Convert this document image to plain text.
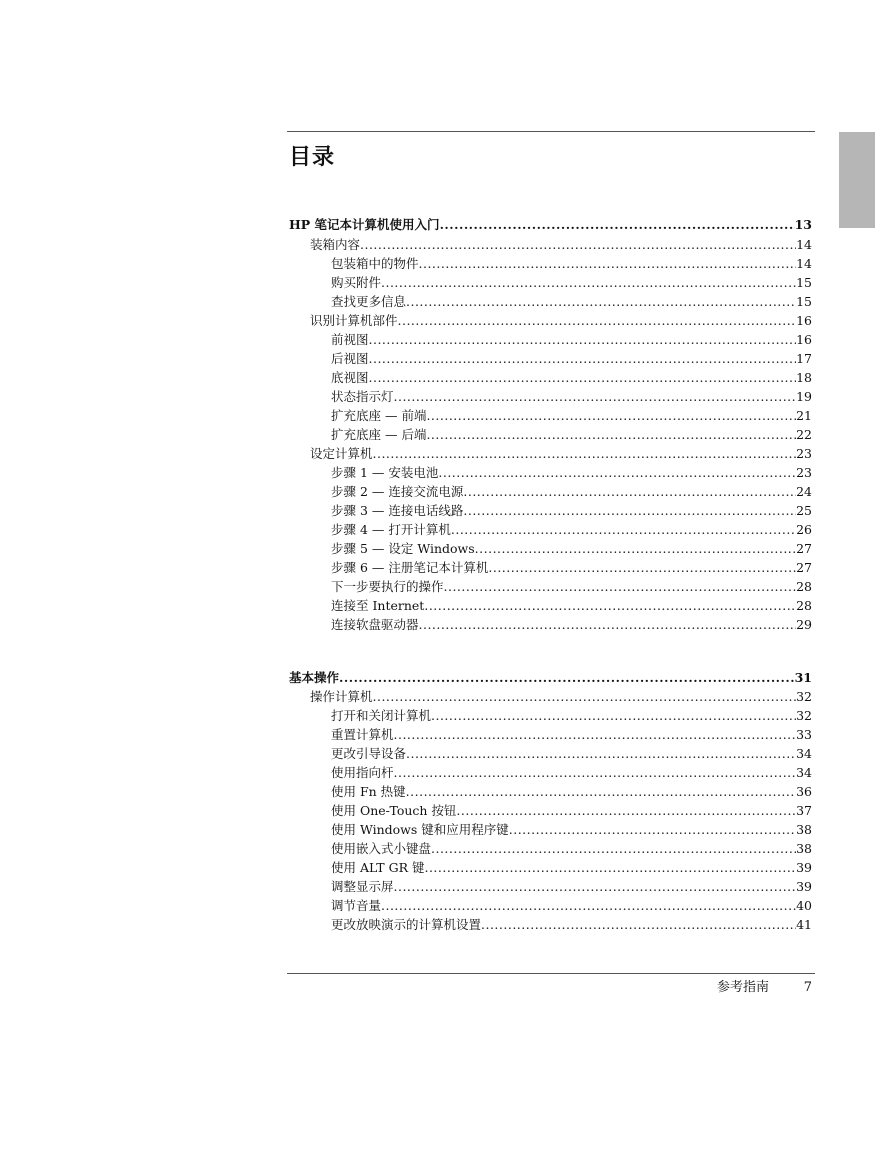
目录
HP 笔记本计算机使用入门 .....	13
装箱内容 .....	14
包装箱中的物件 .....	14
购买附件 .....	15
查找更多信息 .....	15
识别计算机部件 .....	16
前视图 .....	16
后视图 .....	17
底视图 .....	18
状态指示灯 .....	19
扩充底座 — 前端 .....	21
扩充底座 — 后端 .....	22
设定计算机 .....	23
步骤 1 — 安装电池 .....	23
步骤 2 — 连接交流电源 .....	24
步骤 3 — 连接电话线路 .....	25
步骤 4 — 打开计算机 .....	26
步骤 5 — 设定 Windows .....	27
步骤 6 — 注册笔记本计算机 .....	27
下一步要执行的操作 .....	28
连接至 Internet .....	28
连接软盘驱动器 .....	29
基本操作 .....	31
操作计算机 .....	32
打开和关闭计算机 .....	32
重置计算机 .....	33
更改引导设备 .....	34
使用指向杆 .....	34
使用 Fn 热键 .....	36
使用 One-Touch 按钮 .....	37
使用 Windows 键和应用程序键 .....	38
使用嵌入式小键盘 .....	38
使用 ALT GR 键 .....	39
调整显示屏 .....	39
调节音量 .....	40
更改放映演示的计算机设置 .....	41
参考指南	7
